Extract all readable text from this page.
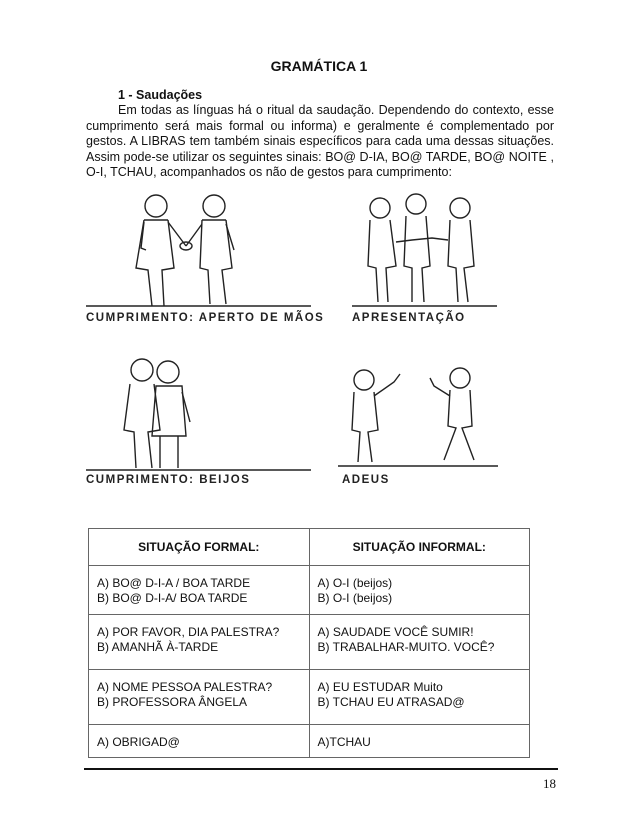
GRAMÁTICA 1
1 - Saudações

Em todas as línguas há o ritual da saudação. Dependendo do contexto, esse cumprimento será mais formal ou informa) e geralmente é complementado por gestos. A LIBRAS tem também sinais específicos para cada uma dessas situações. Assim pode-se utilizar os seguintes sinais: BO@ D-IA, BO@ TARDE, BO@ NOITE , O-I, TCHAU, acompanhados os não de gestos para cumprimento:

CUMPRIMENTO: APERTO DE MÃOS APRESENTAÇÃO
CUMPRIMENTO: BEIJOS	ADEUS
SITUAÇÃO FORMAL:	SITUAÇÃO INFORMAL:

A) BO@ D-I-A / BOA TARDE
B) BO@ D-I-A/ BOA TARDE	A) O-I (beijos)
B) O-I (beijos)

A) POR FAVOR, DIA PALESTRA?
B) AMANHÃ À-TARDE	A) SAUDADE VOCÊ SUMIR!
B) TRABALHAR-MUITO. VOCÊ?

A) NOME PESSOA PALESTRA?
B) PROFESSORA ÂNGELA	A) EU ESTUDAR Muito
B) TCHAU EU ATRASAD@

A) OBRIGAD@	A)TCHAU
18
